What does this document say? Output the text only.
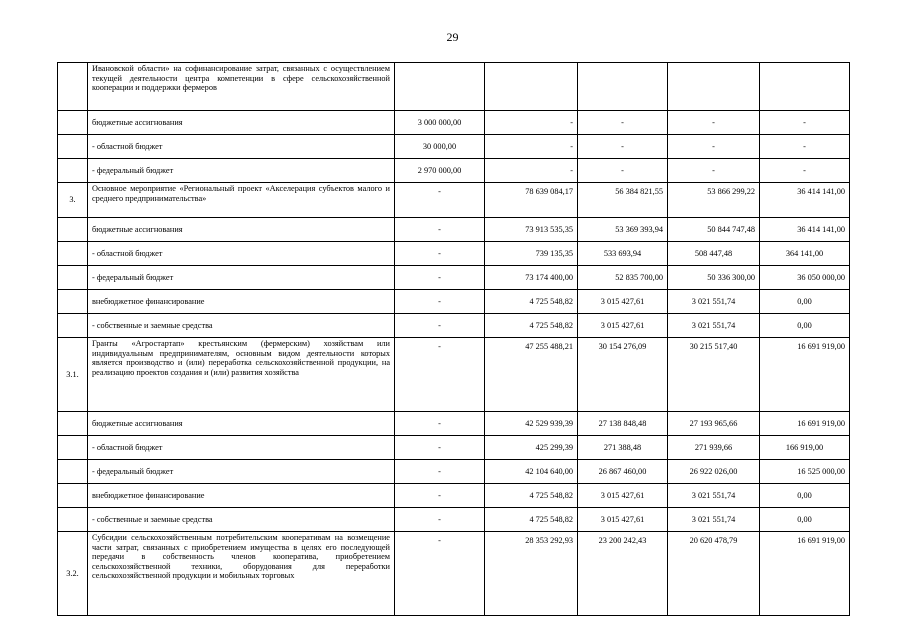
29
	Ивановской области» на софинансирование затрат, связанных с осуществлением текущей деятельности центра компетенции в сфере сельскохозяйственной кооперации и поддержки фермеров					
	бюджетные ассигнования	3 000 000,00	-	-	-	-
	- областной бюджет	30 000,00	-	-	-	-
	- федеральный бюджет	2 970 000,00	-	-	-	-
3.	Основное мероприятие «Региональный проект «Акселерация субъектов малого и среднего предпринимательства»	-	78 639 084,17	56 384 821,55	53 866 299,22	36 414 141,00
	бюджетные ассигнования	-	73 913 535,35	53 369 393,94	50 844 747,48	36 414 141,00
	- областной бюджет	-	739 135,35	533 693,94	508 447,48	364 141,00
	- федеральный бюджет	-	73 174 400,00	52 835 700,00	50 336 300,00	36 050 000,00
	внебюджетное финансирование	-	4 725 548,82	3 015 427,61	3 021 551,74	0,00
	- собственные и заемные средства	-	4 725 548,82	3 015 427,61	3 021 551,74	0,00
3.1.	Гранты «Агростартап» крестьянским (фермерским) хозяйствам или индивидуальным предпринимателям, основным видом деятельности которых является производство и (или) переработка сельскохозяйственной продукции, на реализацию проектов создания и (или) развития хозяйства	-	47 255 488,21	30 154 276,09	30 215 517,40	16 691 919,00
	бюджетные ассигнования	-	42 529 939,39	27 138 848,48	27 193 965,66	16 691 919,00
	- областной бюджет	-	425 299,39	271 388,48	271 939,66	166 919,00
	- федеральный бюджет	-	42 104 640,00	26 867 460,00	26 922 026,00	16 525 000,00
	внебюджетное финансирование	-	4 725 548,82	3 015 427,61	3 021 551,74	0,00
	- собственные и заемные средства	-	4 725 548,82	3 015 427,61	3 021 551,74	0,00
3.2.	Субсидии сельскохозяйственным потребительским кооперативам на возмещение части затрат, связанных с приобретением имущества в целях его последующей передачи в собственность членов кооператива, приобретением сельскохозяйственной техники, оборудования для переработки сельскохозяйственной продукции и мобильных торговых	-	28 353 292,93	23 200 242,43	20 620 478,79	16 691 919,00
